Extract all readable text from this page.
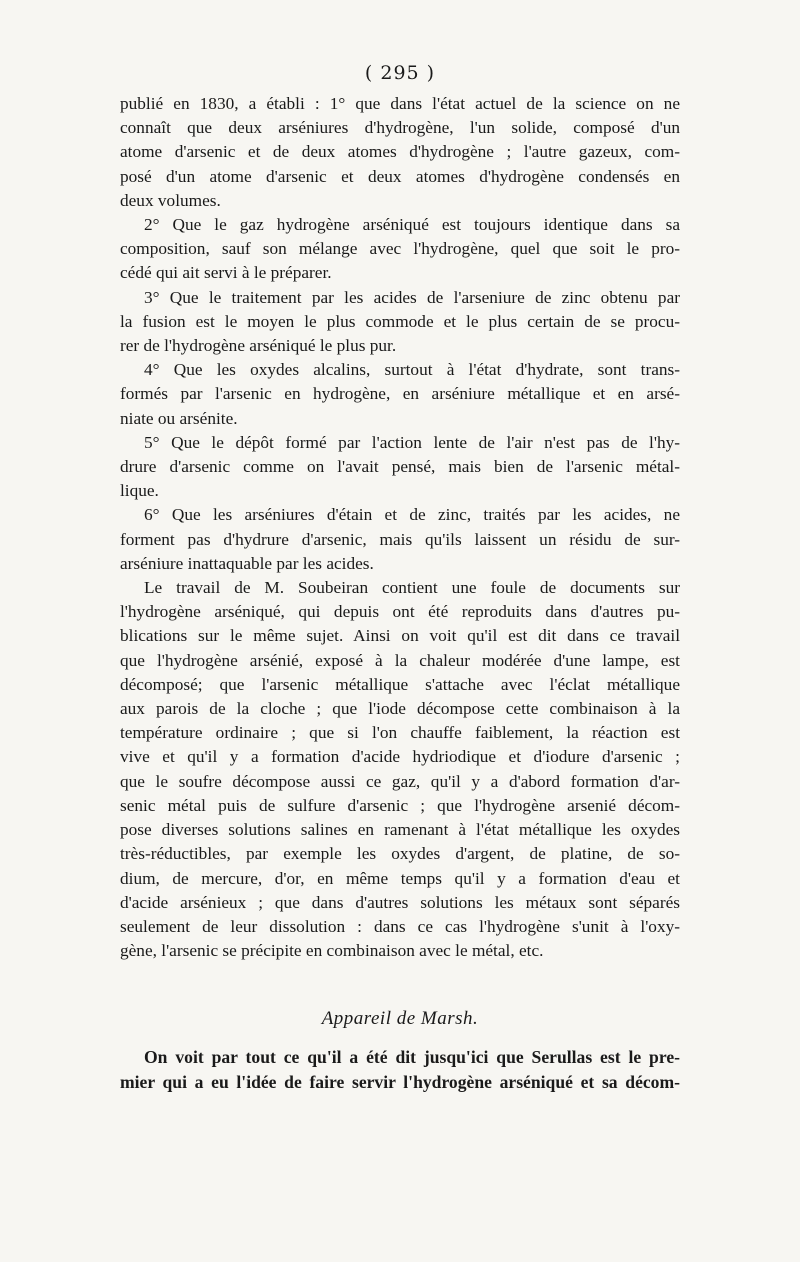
( 295 )
publié en 1830, a établi : 1° que dans l'état actuel de la science on ne
connaît que deux arséniures d'hydrogène, l'un solide, composé d'un
atome d'arsenic et de deux atomes d'hydrogène ; l'autre gazeux, com-
posé d'un atome d'arsenic et deux atomes d'hydrogène condensés en
deux volumes.
2° Que le gaz hydrogène arséniqué est toujours identique dans sa
composition, sauf son mélange avec l'hydrogène, quel que soit le pro-
cédé qui ait servi à le préparer.
3° Que le traitement par les acides de l'arseniure de zinc obtenu par
la fusion est le moyen le plus commode et le plus certain de se procu-
rer de l'hydrogène arséniqué le plus pur.
4° Que les oxydes alcalins, surtout à l'état d'hydrate, sont trans-
formés par l'arsenic en hydrogène, en arséniure métallique et en arsé-
niate ou arsénite.
5° Que le dépôt formé par l'action lente de l'air n'est pas de l'hy-
drure d'arsenic comme on l'avait pensé, mais bien de l'arsenic métal-
lique.
6° Que les arséniures d'étain et de zinc, traités par les acides, ne
forment pas d'hydrure d'arsenic, mais qu'ils laissent un résidu de sur-
arséniure inattaquable par les acides.
Le travail de M. Soubeiran contient une foule de documents sur
l'hydrogène arséniqué, qui depuis ont été reproduits dans d'autres pu-
blications sur le même sujet. Ainsi on voit qu'il est dit dans ce travail
que l'hydrogène arsénié, exposé à la chaleur modérée d'une lampe, est
décomposé; que l'arsenic métallique s'attache avec l'éclat métallique
aux parois de la cloche ; que l'iode décompose cette combinaison à la
température ordinaire ; que si l'on chauffe faiblement, la réaction est
vive et qu'il y a formation d'acide hydriodique et d'iodure d'arsenic ;
que le soufre décompose aussi ce gaz, qu'il y a d'abord formation d'ar-
senic métal puis de sulfure d'arsenic ; que l'hydrogène arsenié décom-
pose diverses solutions salines en ramenant à l'état métallique les oxydes
très-réductibles, par exemple les oxydes d'argent, de platine, de so-
dium, de mercure, d'or, en même temps qu'il y a formation d'eau et
d'acide arsénieux ; que dans d'autres solutions les métaux sont séparés
seulement de leur dissolution : dans ce cas l'hydrogène s'unit à l'oxy-
gène, l'arsenic se précipite en combinaison avec le métal, etc.
Appareil de Marsh.
On voit par tout ce qu'il a été dit jusqu'ici que Serullas est le pre-
mier qui a eu l'idée de faire servir l'hydrogène arséniqué et sa décom-
